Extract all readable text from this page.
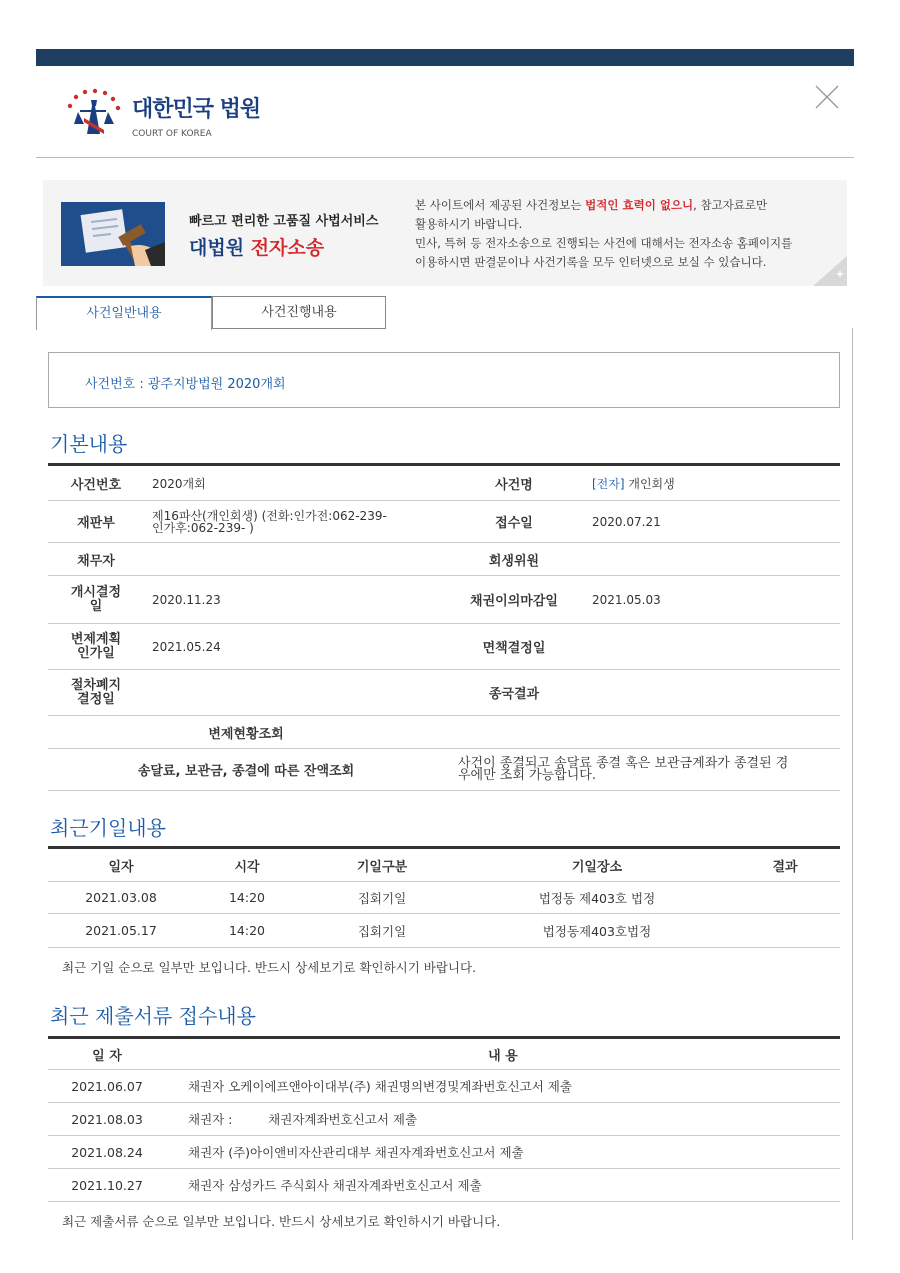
대한민국 법원
COURT OF KOREA
빠르고 편리한 고품질 사법서비스
대법원 전자소송
본 사이트에서 제공된 사건정보는 법적인 효력이 없으니, 참고자료로만
활용하시기 바랍니다.
민사, 특허 등 전자소송으로 진행되는 사건에 대해서는 전자소송 홈페이지를
이용하시면 판결문이나 사건기록을 모두 인터넷으로 보실 수 있습니다.
사건일반내용	사건진행내용
사건번호 : 광주지방법원 2020개회
기본내용
사건번호	2020개회	사건명	[전자] 개인회생
재판부	제16파산(개인회생) (전화:인가전:062-239-
인가후:062-239- )	접수일	2020.07.21
채무자		회생위원	

개시결정
일	2020.11.23	채권이의마감일	2021.05.03

변제계획
인가일	2021.05.24	면책결정일	

절차폐지
결정일		종국결과	
변제현황조회			
송달료, 보관금, 종결에 따른 잔액조회		사건이 종결되고 송달료 종결 혹은 보관금계좌가 종결된 경
우에만 조회 가능합니다.	
최근기일내용
일자	시각	기일구분	기일장소	결과
2021.03.08	14:20	집회기일	법정동 제403호 법정	
2021.05.17	14:20	집회기일	법정동제403호법정	
최근 기일 순으로 일부만 보입니다. 반드시 상세보기로 확인하시기 바랍니다.
최근 제출서류 접수내용
일 자	내 용
2021.06.07	채권자 오케이에프앤아이대부(주) 채권명의변경및계좌번호신고서 제출
2021.08.03	채권자 :         채권자계좌번호신고서 제출
2021.08.24	채권자 (주)아이앤비자산관리대부 채권자계좌번호신고서 제출
2021.10.27	채권자 삼성카드 주식회사 채권자계좌번호신고서 제출
최근 제출서류 순으로 일부만 보입니다. 반드시 상세보기로 확인하시기 바랍니다.
